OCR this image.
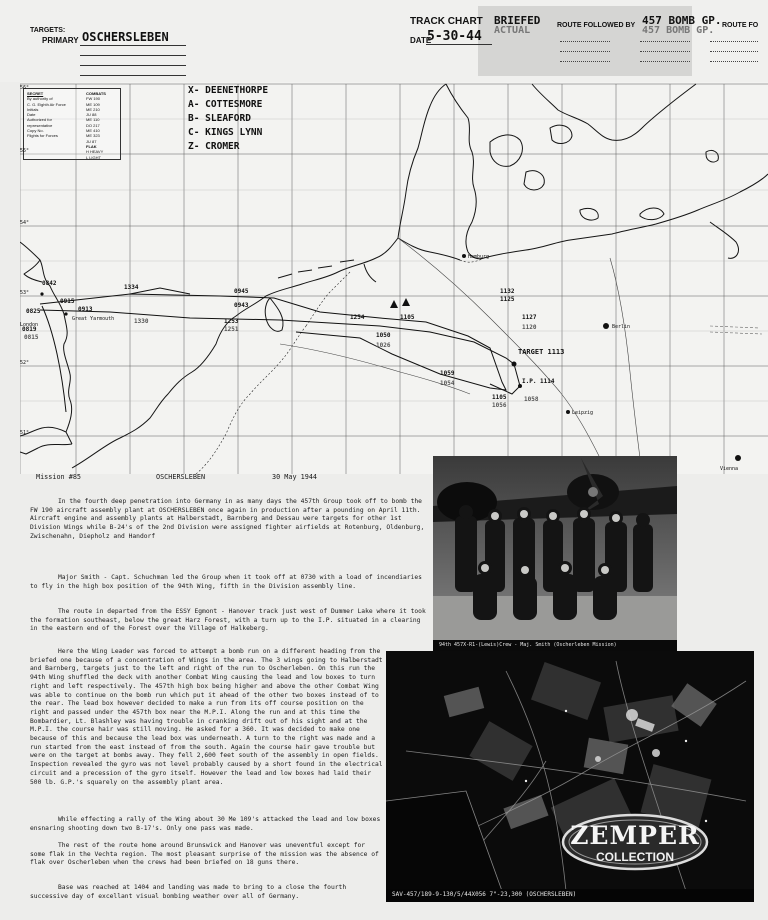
TARGETS:
PRIMARY OSCHERSLEBEN
TRACK CHART BRIEFED
ACTUAL
DATE
5-30-44
ROUTE FOLLOWED BY 457 BOMB GP.
457 BOMB GP. ROUTE FO
SECRET
By authority of
C. G. Eighth Air Force
Initials
Date
Authorized for
representative
Copy No.
Flights for Forces
COMBATS
FW 190
ME 109
ME 210
JU 88
ME 110
DO 217
ME 410
ME 323
JU 87
FLAK
H HEAVY
L LIGHT
X- DEENETHORPE
A- COTTESMORE
B- SLEAFORD
C- KINGS LYNN
Z- CROMER
56°
55°
54°
53°
52°
51°
Hamburg
Berlin
Leipzig
Vienna
London
Great Yarmouth
0842
0825
0819
0815
0915
0913
1334
1330
0945
0943
1253
1251
1254
1050
1026
1105
1132
1125
1127
1120
TARGET 1113
1059
1054
1105
1056
I.P. 1114
1058
Mission #85	OSCHERSLEBEN	30 May 1944

In the fourth deep penetration into Germany in as many days the 457th Group took off to bomb the FW 190 aircraft assembly plant at OSCHERSLEBEN once again in production after a pounding on April 11th. Aircraft engine and assembly plants at Halberstadt, Barnberg and Dessau were targets for other 1st Division Wings while B-24's of the 2nd Division were assigned fighter airfields at Rotenburg, Oldenburg, Zwischenahn, Diepholz and Handorf

Major Smith - Capt. Schuchman led the Group when it took off at 0730 with a load of incendiaries to fly in the high box position of the 94th Wing, fifth in the Division assembly line.

The route in departed from the ESSY Egmont - Hanover track just west of Dummer Lake where it took the formation southeast, below the great Harz Forest, with a turn up to the I.P. situated in a clearing in the eastern end of the Forest over the Village of Halkeberg.

Here the Wing Leader was forced to attempt a bomb run on a different heading from the briefed one because of a concentration of Wings in the area. The 3 wings going to Halberstadt and Barnberg, targets just to the left and right of the run to Oscherleben. On this run the 94th Wing shuffled the deck with another Combat Wing causing the lead and low boxes to turn right and left respectively. The 457th high box being higher and above the other Combat Wing was able to continue on the bomb run which put it ahead of the other two boxes instead of to the rear. The lead box however decided to make a run from its off course position on the right and passed under the 457th box near the M.P.I. Along the run and at this time the Bombardier, Lt. Blashley was having trouble in cranking drift out of his sight and at the M.P.I. the course hair was still moving. He asked for a 360. It was decided to make one because of this and because the lead box was underneath. A turn to the right was made and a run started from the east instead of from the south. Again the course hair gave trouble but were on the target at bombs away. They fell 2,600 feet south of the assembly in open fields. Inspection revealed the gyro was not level probably caused by a short found in the electrical circuit and a precession of the gyro itself. However the lead and low boxes had laid their 500 lb. G.P.'s squarely on the assembly plant area.

While effecting a rally of the Wing about 30 Me 109's attacked the lead and low boxes ensnaring shooting down two B-17's. Only one pass was made.

The rest of the route home around Brunswick and Hanover was uneventful except for some flak in the Vechta region. The most pleasant surprise of the mission was the absence of flak over Oscherleben when the crews had been briefed on 18 guns there.

Base was reached at 1404 and landing was made to bring to a close the fourth successive day of excellant visual bombing weather over all of Germany.

94th 457X-R1-(Lewis)Crew - Maj. Smith (Oscherleben Mission)
SAV-457/189-9-130/5/44X056 7"-23,300 (OSCHERSLEBEN)
ZEMPER
COLLECTION
